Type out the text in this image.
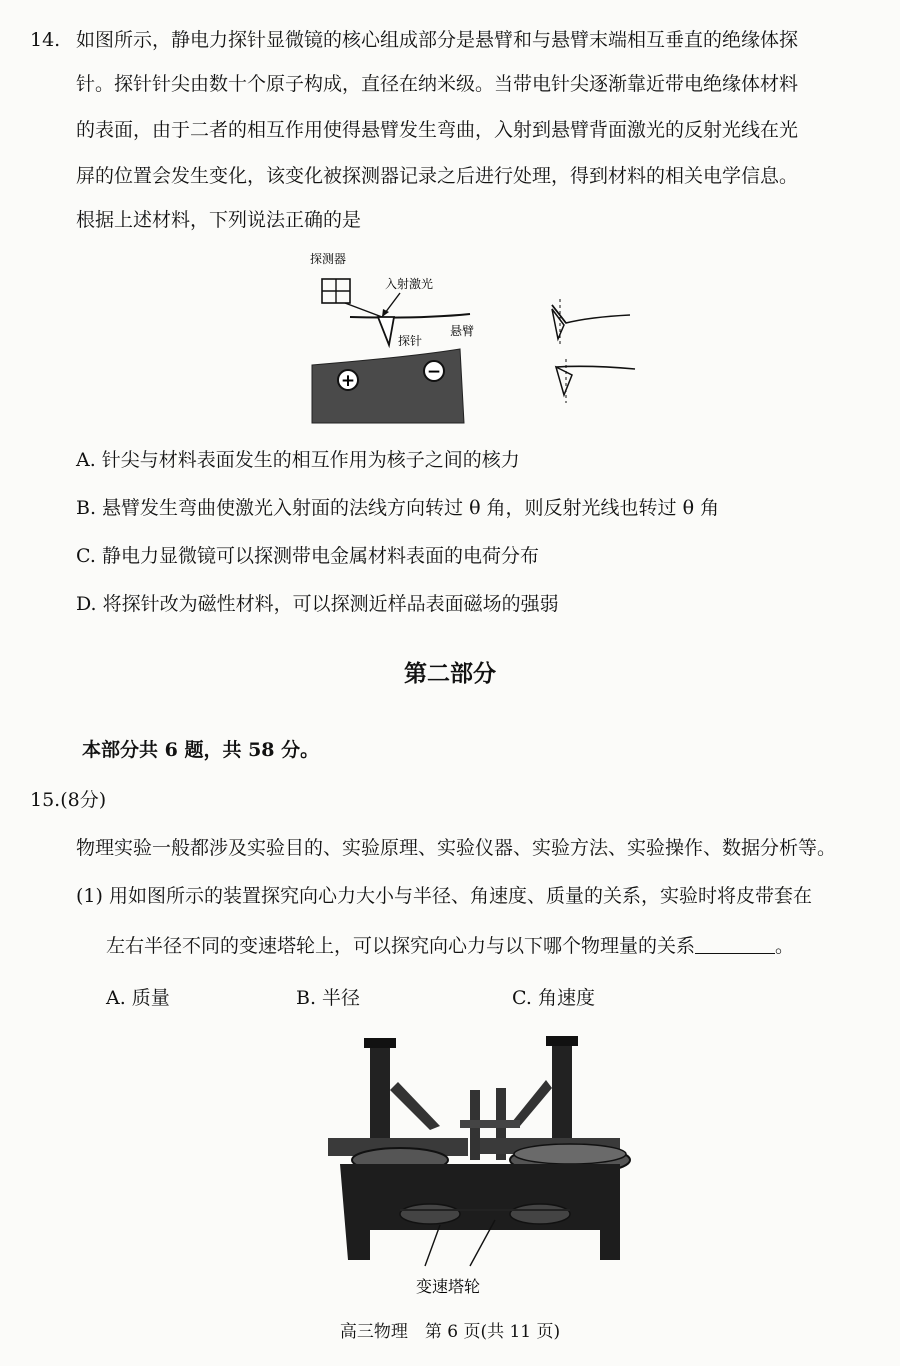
14. 如图所示，静电力探针显微镜的核心组成部分是悬臂和与悬臂末端相互垂直的绝缘体探
针。探针针尖由数十个原子构成，直径在纳米级。当带电针尖逐渐靠近带电绝缘体材料
的表面，由于二者的相互作用使得悬臂发生弯曲，入射到悬臂背面激光的反射光线在光
屏的位置会发生变化，该变化被探测器记录之后进行处理，得到材料的相关电学信息。
根据上述材料，下列说法正确的是
探测器
入射激光
悬臂
探针
+	−
A. 针尖与材料表面发生的相互作用为核子之间的核力
B. 悬臂发生弯曲使激光入射面的法线方向转过 θ 角，则反射光线也转过 θ 角
C. 静电力显微镜可以探测带电金属材料表面的电荷分布
D. 将探针改为磁性材料，可以探测近样品表面磁场的强弱
第二部分
本部分共 6 题，共 58 分。
15.(8分)
物理实验一般都涉及实验目的、实验原理、实验仪器、实验方法、实验操作、数据分析等。
(1) 用如图所示的装置探究向心力大小与半径、角速度、质量的关系，实验时将皮带套在
左右半径不同的变速塔轮上，可以探究向心力与以下哪个物理量的关系	。
A. 质量	B. 半径	C. 角速度
变速塔轮
高三物理　第 6 页(共 11 页)
